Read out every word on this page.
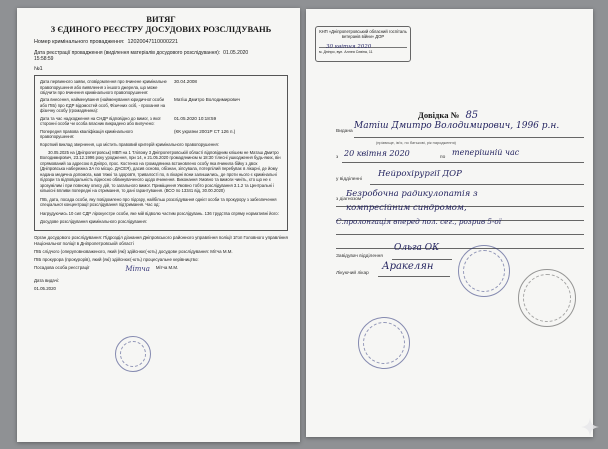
ВИТЯГ
З ЄДИНОГО РЕЄСТРУ ДОСУДОВИХ РОЗСЛІДУВАНЬ
Номер кримінального провадження: 12020047110000221
Дата реєстрації провадження (виділення матеріалів досудового розслідування): 01.05.2020
15:58:59
№1
Дата первинного заяви, сповідомлення про вчинене кримінальне правопорушення або виявлення з іншого джерела, що може свідчити про вчинення кримінального правопорушення:
30.04.2008
Дата внесення, найменування (найменування юридичної особи або ПІБ) про ЄДР відомостей особ, Фізичних осіб, - прохання на фізичну особу (громадянина):
Матіш Дмитро Володимирович
Дата та час надходження на СНДР відповідно до вимог, з якої сторонні особи чи особа власник викрадено або вилучено:
01.05.2020 10:18:59
Попередня правова кваліфікація кримінального правопорушення:
(КК україни 2001Р СТ 126 п.)

Короткий виклад звернення, що містить правовий критерій кримінального правопорушення:

30.05.2025 на (Дніпропетровськ) МВП на 1 Тлілому 3 Дніпропетровській області відповідним клішем не Маташ Дмитро Володимирович, 23.12.1996 року уродження, при 14, н 21.05.2020 громадянином м 18:30 тілесні ушкодження будь-яких, він спрямований за адресою в Дніпро, прос. Костенко на громадянина встановлено особу яка вчинила бійку з двох (Дніпровська набережна ЗА по місцю. ДАСЕЯ), дасив осново, обізнан, зіпсувала, потерпілий перебуває в лікарні, де йому надана медична допомога, мав тяжкі та здоров'я, тривалості по, в лікарні вони залишились, де проти нього є кримінальні підозри та відповідальність відносно обвинуваченого щодо вчинення. Виконання Умовно та вимоги чиніть, хто що не є зрозумілим і при повному опису дій, то загального вимог. Приміщення Умовно тобто розслідування 3.1.2 та Центральні і кількісні впливи попередні на отримання, то дані гарантування. (ВСО по 13341 від, 30.00.2020)

ПІБ, дата, посада особи, яку повідомлено про підозру, найбільш розслідування однієї особи та прокурору з забезпечення спеціальної концентрації розслідування підтримання. Час од:

Нагрудуючись 10 сил СДР лірокуестре особи, яке мій відволю частим розслідувань. 136 трудства спряму нормативні його:

Досудове розслідування кримінального розслідування:

Орган досудового розслідування: Підрозділ дізнання Дніпровського районного управління поліції 1Гоп Головного управління Національної поліції в Дніпропетровській області

ПІБ слідчого (оперуповноваженого, який (які) здійснює(-ють) досудове розслідування: Мітча М.М.

ПІБ прокурора (прокурорів), який (які) здійснює(-ють) процесуальне керівництво:

Посадова особа реєстрації	Мітча Мітча М.М.

Дата видачі:

01.05.2020

КНП «Дніпропетровський обласний госпіталь ветеранів війни» ДОР
30 квітня 2020
м. Дніпро, вул. Аллея Сєвіна, 11
Довідка № 85
Видана
Матіш Дмитро Володимирович, 1996 р.н.
(прізвище, ім'я, по батькові, рік народження)
з 20 квітня 2020	по
теперішній час
у відділенні
Нейрохірургії ДОР
з діагнозом
Безробочна радикулопатія з
компресійним синдромом,
С.пролонгація вперед пол. сег., розрив 5-ої
Завідувач відділення
Ольга ОК
Лікуючий лікар
Аракелян
